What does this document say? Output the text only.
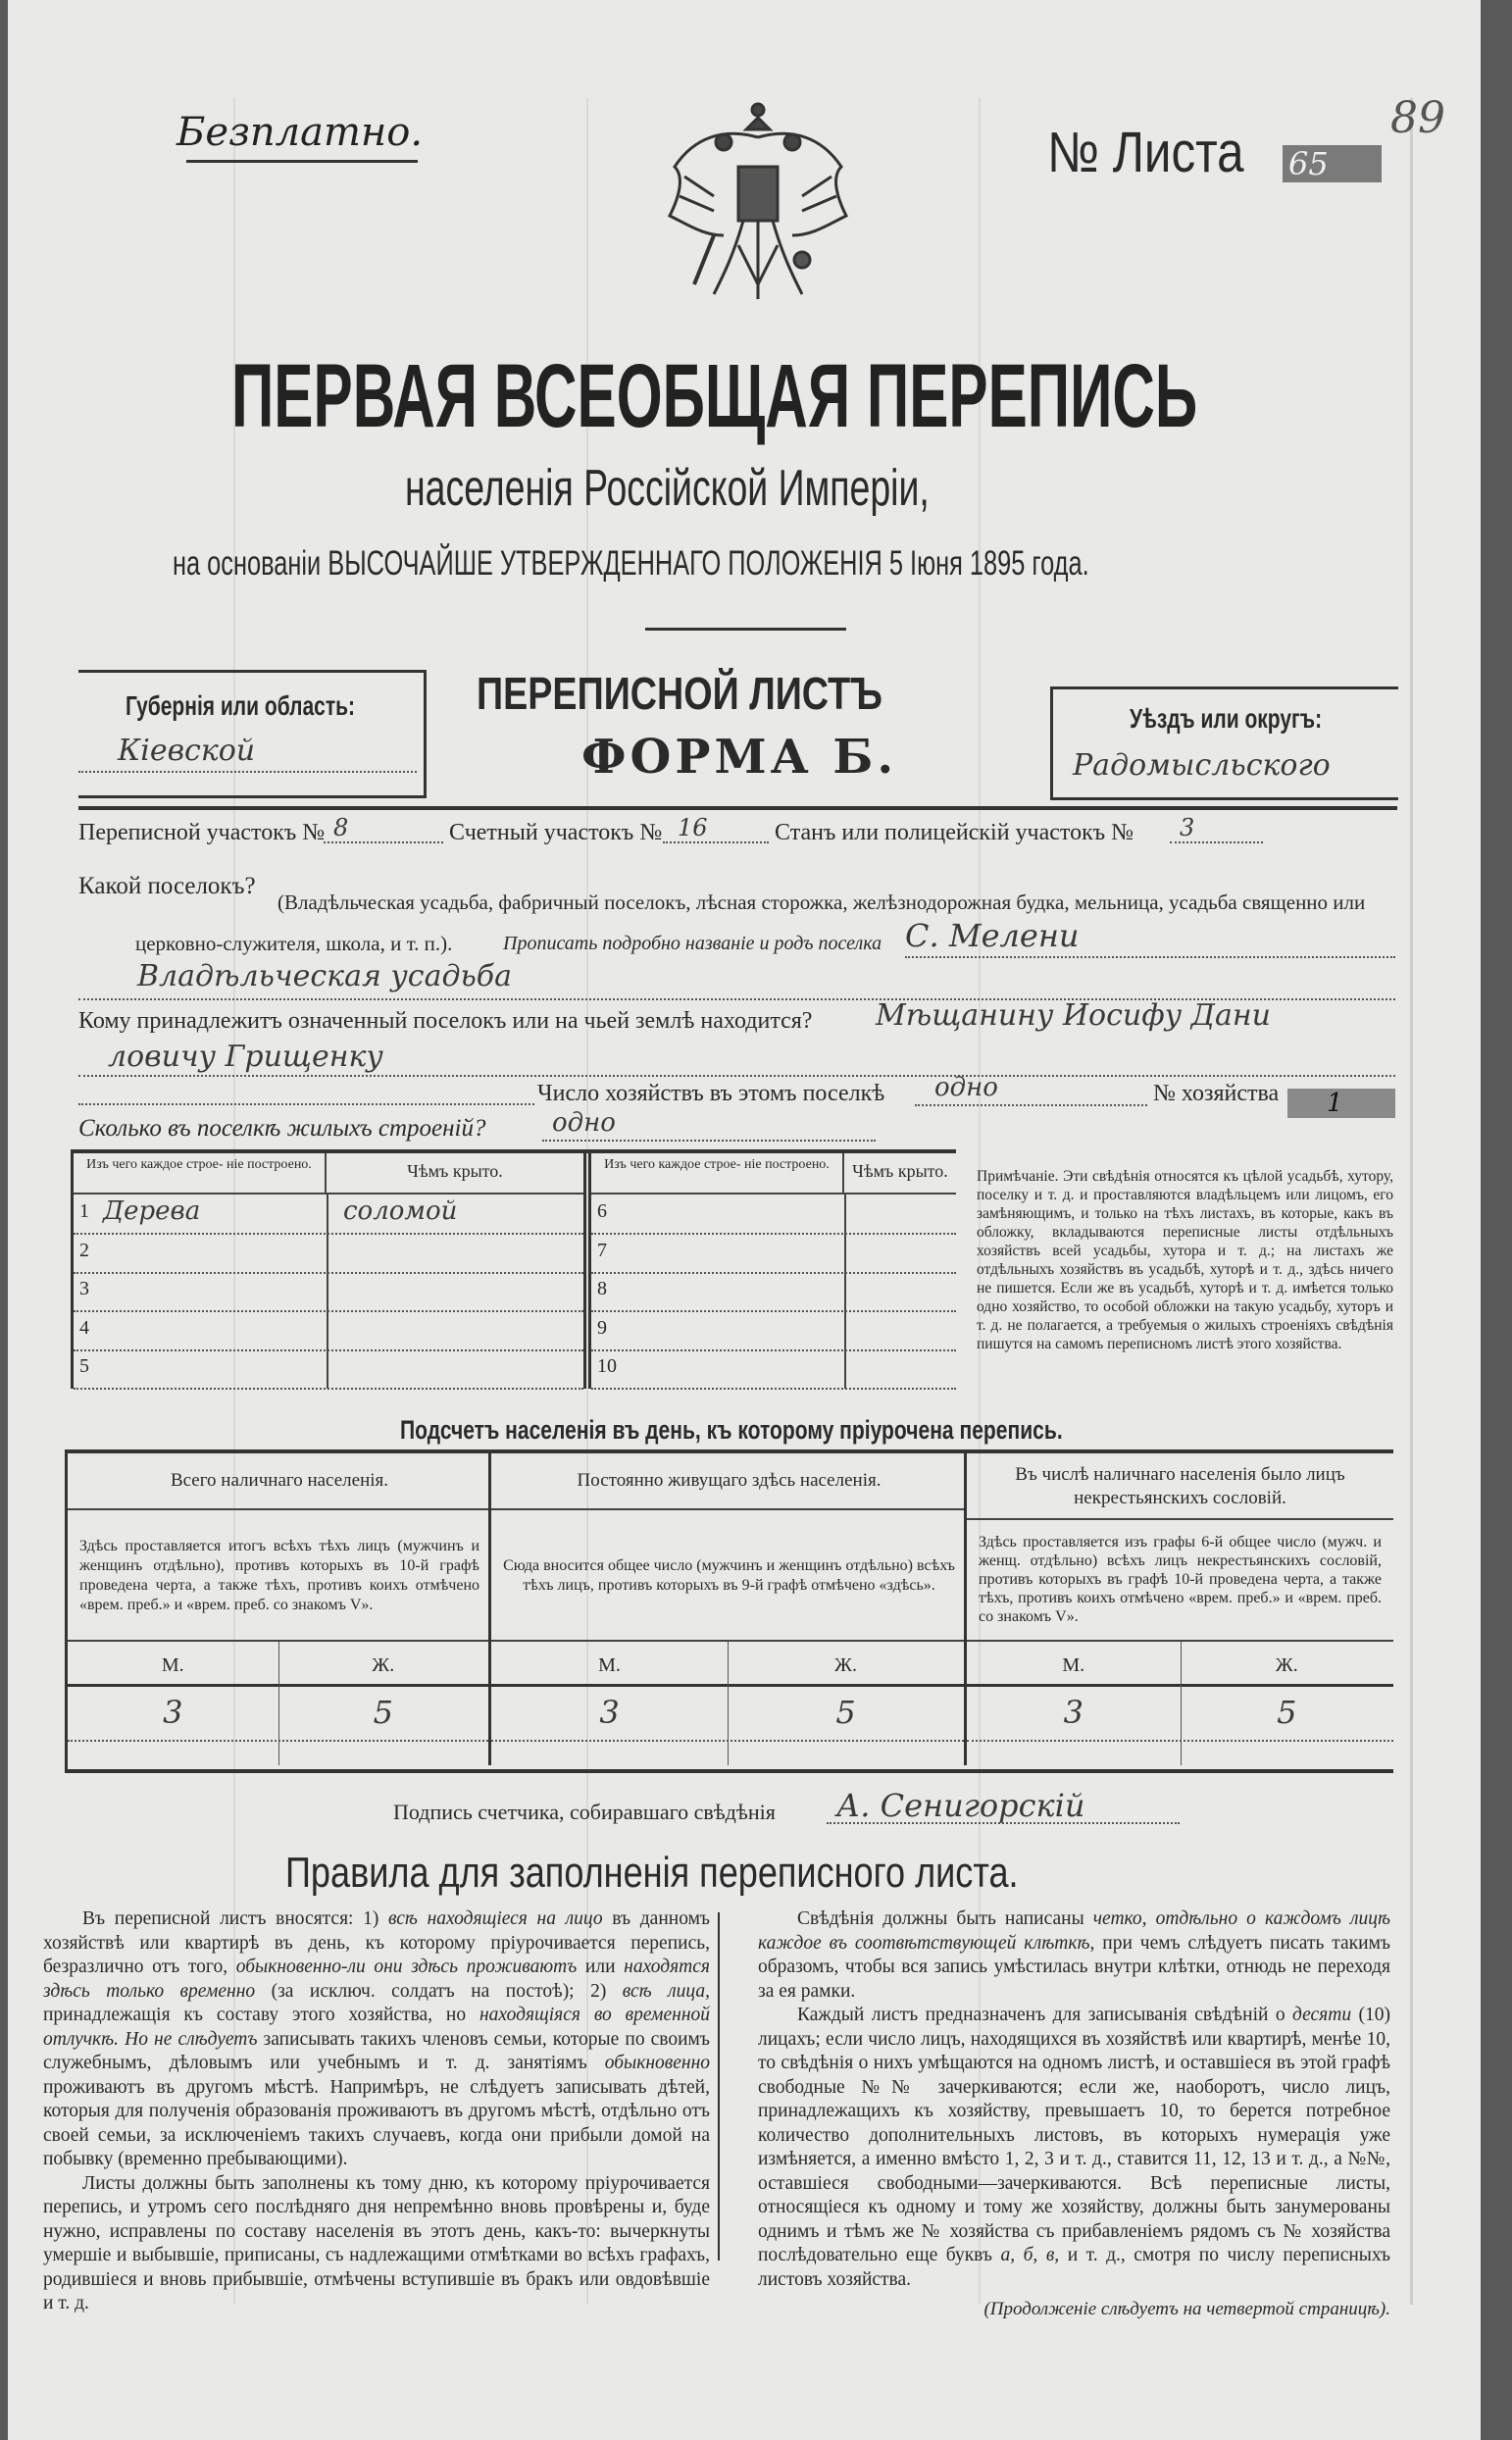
Безплатно.	№ Листа	65
89
ПЕРВАЯ ВСЕОБЩАЯ ПЕРЕПИСЬ
населенія Россійской Имперіи,
на основаніи ВЫСОЧАЙШЕ УТВЕРЖДЕННАГО ПОЛОЖЕНІЯ 5 Іюня 1895 года.
Губернія или область:
Кіевской
ПЕРЕПИСНОЙ ЛИСТЪ
ФОРМА Б.
Уѣздъ или округъ:
Радомысльского
Переписной участокъ № 8	Счетный участокъ № 16	Станъ или полицейскій участокъ №	3
Какой поселокъ?
(Владѣльческая усадьба, фабричный поселокъ, лѣсная сторожка, желѣзнодорожная будка, мельница, усадьба священно или
церковно-служителя, школа, и т. п.).	Прописать подробно названіе и родъ поселка С. Мелени
Владѣльческая усадьба
Кому принадлежитъ означенный поселокъ или на чьей землѣ находится? Мѣщанину Иосифу Дани
ловичу Грищенку
Число хозяйствъ въ этомъ поселкѣ	одно	№ хозяйства	1
Сколько въ поселкѣ жилыхъ строеній?	одно
Изъ чего каждое строе- ніе построено.	Чѣмъ крыто.	Изъ чего каждое строе- ніе построено.	Чѣмъ крыто.
1 Дерева	соломой
2
3
4
5
6
7
8
9
10
Примѣчаніе. Эти свѣдѣнія относятся къ цѣлой усадьбѣ, хутору, поселку и т. д. и проставляются владѣльцемъ или лицомъ, его замѣняющимъ, и только на тѣхъ листахъ, въ которые, какъ въ обложку, вкладываются переписные листы отдѣльныхъ хозяйствъ всей усадьбы, хутора и т. д.; на листахъ же отдѣльныхъ хозяйствъ въ усадьбѣ, хуторѣ и т. д., здѣсь ничего не пишется. Если же въ усадьбѣ, хуторѣ и т. д. имѣется только одно хозяйство, то особой обложки на такую усадьбу, хуторъ и т. д. не полагается, а требуемыя о жилыхъ строеніяхъ свѣдѣнія пишутся на самомъ переписномъ листѣ этого хозяйства.
Подсчетъ населенія въ день, къ которому пріурочена перепись.
Всего наличнаго населенія.
Здѣсь проставляется итогъ всѣхъ тѣхъ лицъ (мужчинъ и женщинъ отдѣльно), противъ которыхъ въ 10-й графѣ проведена черта, а также тѣхъ, противъ коихъ отмѣчено «врем. преб.» и «врем. преб. со знакомъ V».
М.	Ж.
3	5
Постоянно живущаго здѣсь населенія.
Сюда вносится общее число (мужчинъ и женщинъ отдѣльно) всѣхъ тѣхъ лицъ, противъ которыхъ въ 9-й графѣ отмѣчено «здѣсь».
М.	Ж.
3	5
Въ числѣ наличнаго населенія было лицъ некрестьянскихъ сословій.
Здѣсь проставляется изъ графы 6-й общее число (мужч. и женщ. отдѣльно) всѣхъ лицъ некрестьянскихъ сословій, противъ которыхъ въ графѣ 10-й проведена черта, а также тѣхъ, противъ коихъ отмѣчено «врем. преб.» и «врем. преб. со знакомъ V».
М.	Ж.
3	5
Подпись счетчика, собиравшаго свѣдѣнія	А. Сенигорскій
Правила для заполненія переписного листа.

Въ переписной листъ вносятся: 1) всѣ находящіеся на лицо въ данномъ хозяйствѣ или квартирѣ въ день, къ которому пріурочивается перепись, безразлично отъ того, обыкновенно-ли они здѣсь проживаютъ или находятся здѣсь только временно (за исключ. солдатъ на постоѣ); 2) всѣ лица, принадлежащія къ составу этого хозяйства, но находящіяся во временной отлучкѣ. Но не слѣдуетъ записывать такихъ членовъ семьи, которые по своимъ служебнымъ, дѣловымъ или учебнымъ и т. д. занятіямъ обыкновенно проживаютъ въ другомъ мѣстѣ. Напримѣръ, не слѣдуетъ записывать дѣтей, которыя для полученія образованія проживаютъ въ другомъ мѣстѣ, отдѣльно отъ своей семьи, за исключеніемъ такихъ случаевъ, когда они прибыли домой на побывку (временно пребывающими).

Листы должны быть заполнены къ тому дню, къ которому пріурочивается перепись, и утромъ сего послѣдняго дня непремѣнно вновь провѣрены и, буде нужно, исправлены по составу населенія въ этотъ день, какъ-то: вычеркнуты умершіе и выбывшіе, приписаны, съ надлежащими отмѣтками во всѣхъ графахъ, родившіеся и вновь прибывшіе, отмѣчены вступившіе въ бракъ или овдовѣвшіе и т. д.

Свѣдѣнія должны быть написаны четко, отдѣльно о каждомъ лицѣ каждое въ соотвѣтствующей клѣткѣ, при чемъ слѣдуетъ писать такимъ образомъ, чтобы вся запись умѣстилась внутри клѣтки, отнюдь не переходя за ея рамки.

Каждый листъ предназначенъ для записыванія свѣдѣній о десяти (10) лицахъ; если число лицъ, находящихся въ хозяйствѣ или квартирѣ, менѣе 10, то свѣдѣнія о нихъ умѣщаются на одномъ листѣ, и оставшіеся въ этой графѣ свободные №№ зачеркиваются; если же, наоборотъ, число лицъ, принадлежащихъ къ хозяйству, превышаетъ 10, то берется потребное количество дополнительныхъ листовъ, въ которыхъ нумерація уже измѣняется, а именно вмѣсто 1, 2, 3 и т. д., ставится 11, 12, 13 и т. д., а №№, оставшіеся свободными—зачеркиваются. Всѣ переписные листы, относящіеся къ одному и тому же хозяйству, должны быть занумерованы однимъ и тѣмъ же № хозяйства съ прибавленіемъ рядомъ съ № хозяйства послѣдовательно еще буквъ а, б, в, и т. д., смотря по числу переписныхъ листовъ хозяйства.

(Продолженіе слѣдуетъ на четвертой страницѣ).
